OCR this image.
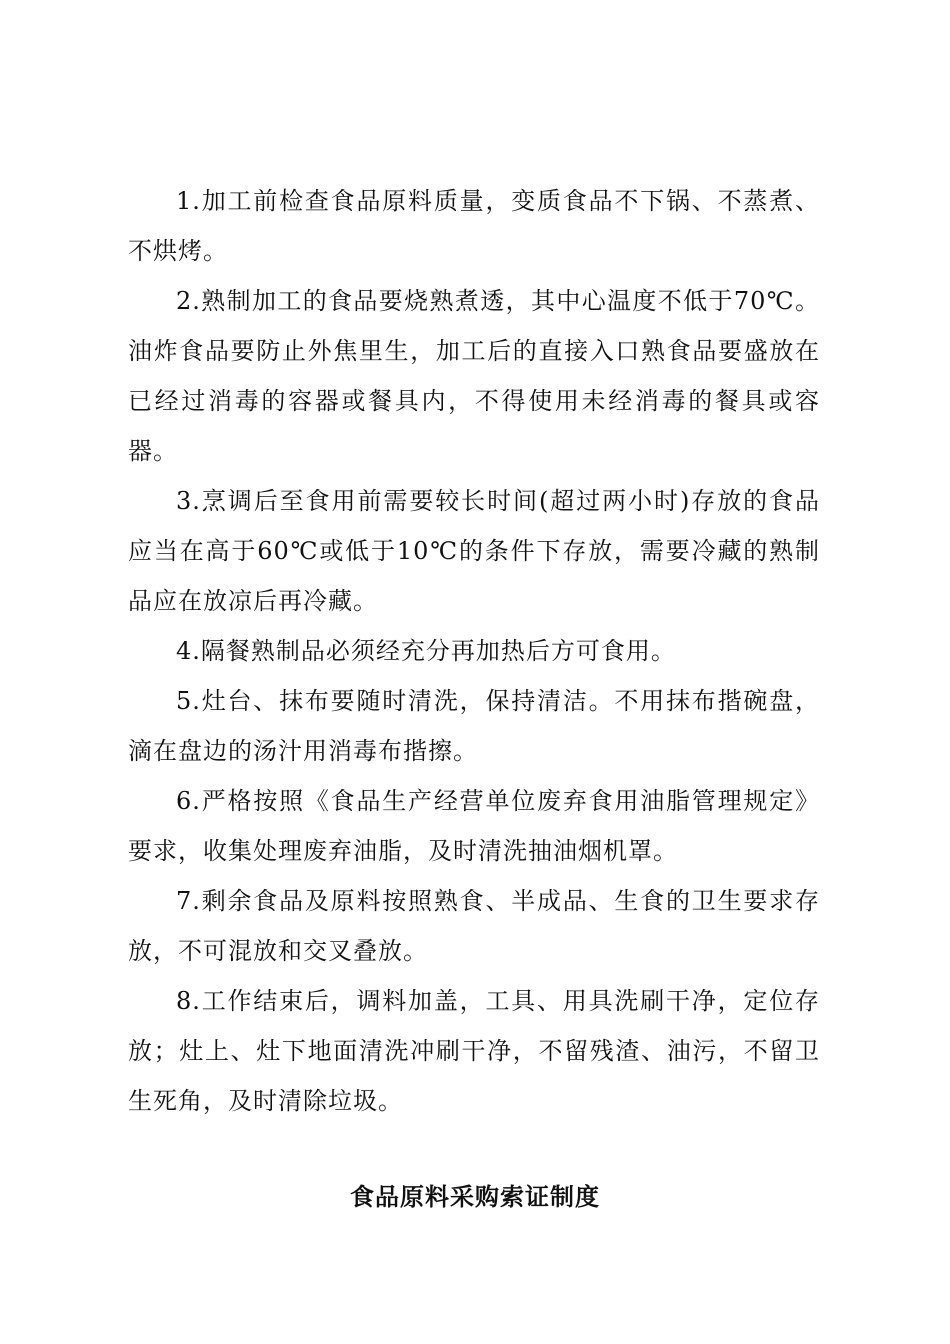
1.加工前检查食品原料质量，变质食品不下锅、不蒸煮、不烘烤。

2.熟制加工的食品要烧熟煮透，其中心温度不低于70℃。油炸食品要防止外焦里生，加工后的直接入口熟食品要盛放在已经过消毒的容器或餐具内，不得使用未经消毒的餐具或容器。

3.烹调后至食用前需要较长时间(超过两小时)存放的食品应当在高于60℃或低于10℃的条件下存放，需要冷藏的熟制品应在放凉后再冷藏。

4.隔餐熟制品必须经充分再加热后方可食用。

5.灶台、抹布要随时清洗，保持清洁。不用抹布揩碗盘，滴在盘边的汤汁用消毒布揩擦。

6.严格按照《食品生产经营单位废弃食用油脂管理规定》要求，收集处理废弃油脂，及时清洗抽油烟机罩。

7.剩余食品及原料按照熟食、半成品、生食的卫生要求存放，不可混放和交叉叠放。

8.工作结束后，调料加盖，工具、用具洗刷干净，定位存放；灶上、灶下地面清洗冲刷干净，不留残渣、油污，不留卫生死角，及时清除垃圾。

食品原料采购索证制度
